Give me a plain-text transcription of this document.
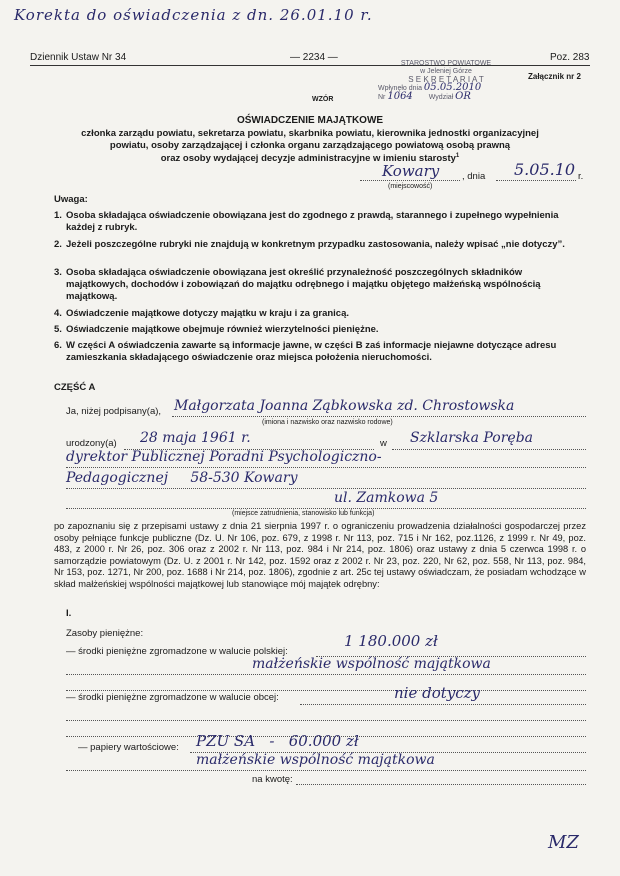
Korekta do oświadczenia z dn. 26.01.10 r.
Dziennik Ustaw Nr 34	— 2234 —	Poz. 283
STAROSTWO POWIATOWE
w Jeleniej Górze
S E K R E T A R I A T
Wpłynęło dnia 05.05.2010
Nr 1064 Wydział OR
Załącznik nr 2
WZÓR
OŚWIADCZENIE MAJĄTKOWE
członka zarządu powiatu, sekretarza powiatu, skarbnika powiatu, kierownika jednostki organizacyjnej
powiatu, osoby zarządzającej i członka organu zarządzającego powiatową osobą prawną
oraz osoby wydającej decyzje administracyjne w imieniu starosty$^1$
Kowary , dnia 5.05.10 r.
(miejscowość)
Uwaga:
1. Osoba składająca oświadczenie obowiązana jest do zgodnego z prawdą, starannego i zupełnego wypełnienia każdej z rubryk.
2. Jeżeli poszczególne rubryki nie znajdują w konkretnym przypadku zastosowania, należy wpisać „nie dotyczy”.
3. Osoba składająca oświadczenie obowiązana jest określić przynależność poszczególnych składników majątkowych, dochodów i zobowiązań do majątku odrębnego i majątku objętego małżeńską wspólnością majątkową.
4. Oświadczenie majątkowe dotyczy majątku w kraju i za granicą.
5. Oświadczenie majątkowe obejmuje również wierzytelności pieniężne.
6. W części A oświadczenia zawarte są informacje jawne, w części B zaś informacje niejawne dotyczące adresu zamieszkania składającego oświadczenie oraz miejsca położenia nieruchomości.
CZĘŚĆ A
Ja, niżej podpisany(a), Małgorzata Joanna Ząbkowska zd. Chrostowska
(imiona i nazwisko oraz nazwisko rodowe)
urodzony(a) 28 maja 1961 r.	w Szklarska Poręba
dyrektor Publicznej Poradni Psychologiczno-
Pedagogicznej     58-530 Kowary
ul. Zamkowa 5
(miejsce zatrudnienia, stanowisko lub funkcja)
po zapoznaniu się z przepisami ustawy z dnia 21 sierpnia 1997 r. o ograniczeniu prowadzenia działalności gospodarczej przez osoby pełniące funkcje publiczne (Dz. U. Nr 106, poz. 679, z 1998 r. Nr 113, poz. 715 i Nr 162, poz.1126, z 1999 r. Nr 49, poz. 483, z 2000 r. Nr 26, poz. 306 oraz z 2002 r. Nr 113, poz. 984 i Nr 214, poz. 1806) oraz ustawy z dnia 5 czerwca 1998 r. o samorządzie powiatowym (Dz. U. z 2001 r. Nr 142, poz. 1592 oraz z 2002 r. Nr 23, poz. 220, Nr 62, poz. 558, Nr 113, poz. 984, Nr 153, poz. 1271, Nr 200, poz. 1688 i Nr 214, poz. 1806), zgodnie z art. 25c tej ustawy oświadczam, że posiadam wchodzące w skład małżeńskiej wspólności majątkowej lub stanowiące mój majątek odrębny:
I.
Zasoby pieniężne:
— środki pieniężne zgromadzone w walucie polskiej:
1 180.000 zł
małżeńskie wspólność majątkowa
— środki pieniężne zgromadzone w walucie obcej:	nie dotyczy
— papiery wartościowe: PZU SA   -   60.000 zł
małżeńskie wspólność majątkowa
na kwotę:
MZ
